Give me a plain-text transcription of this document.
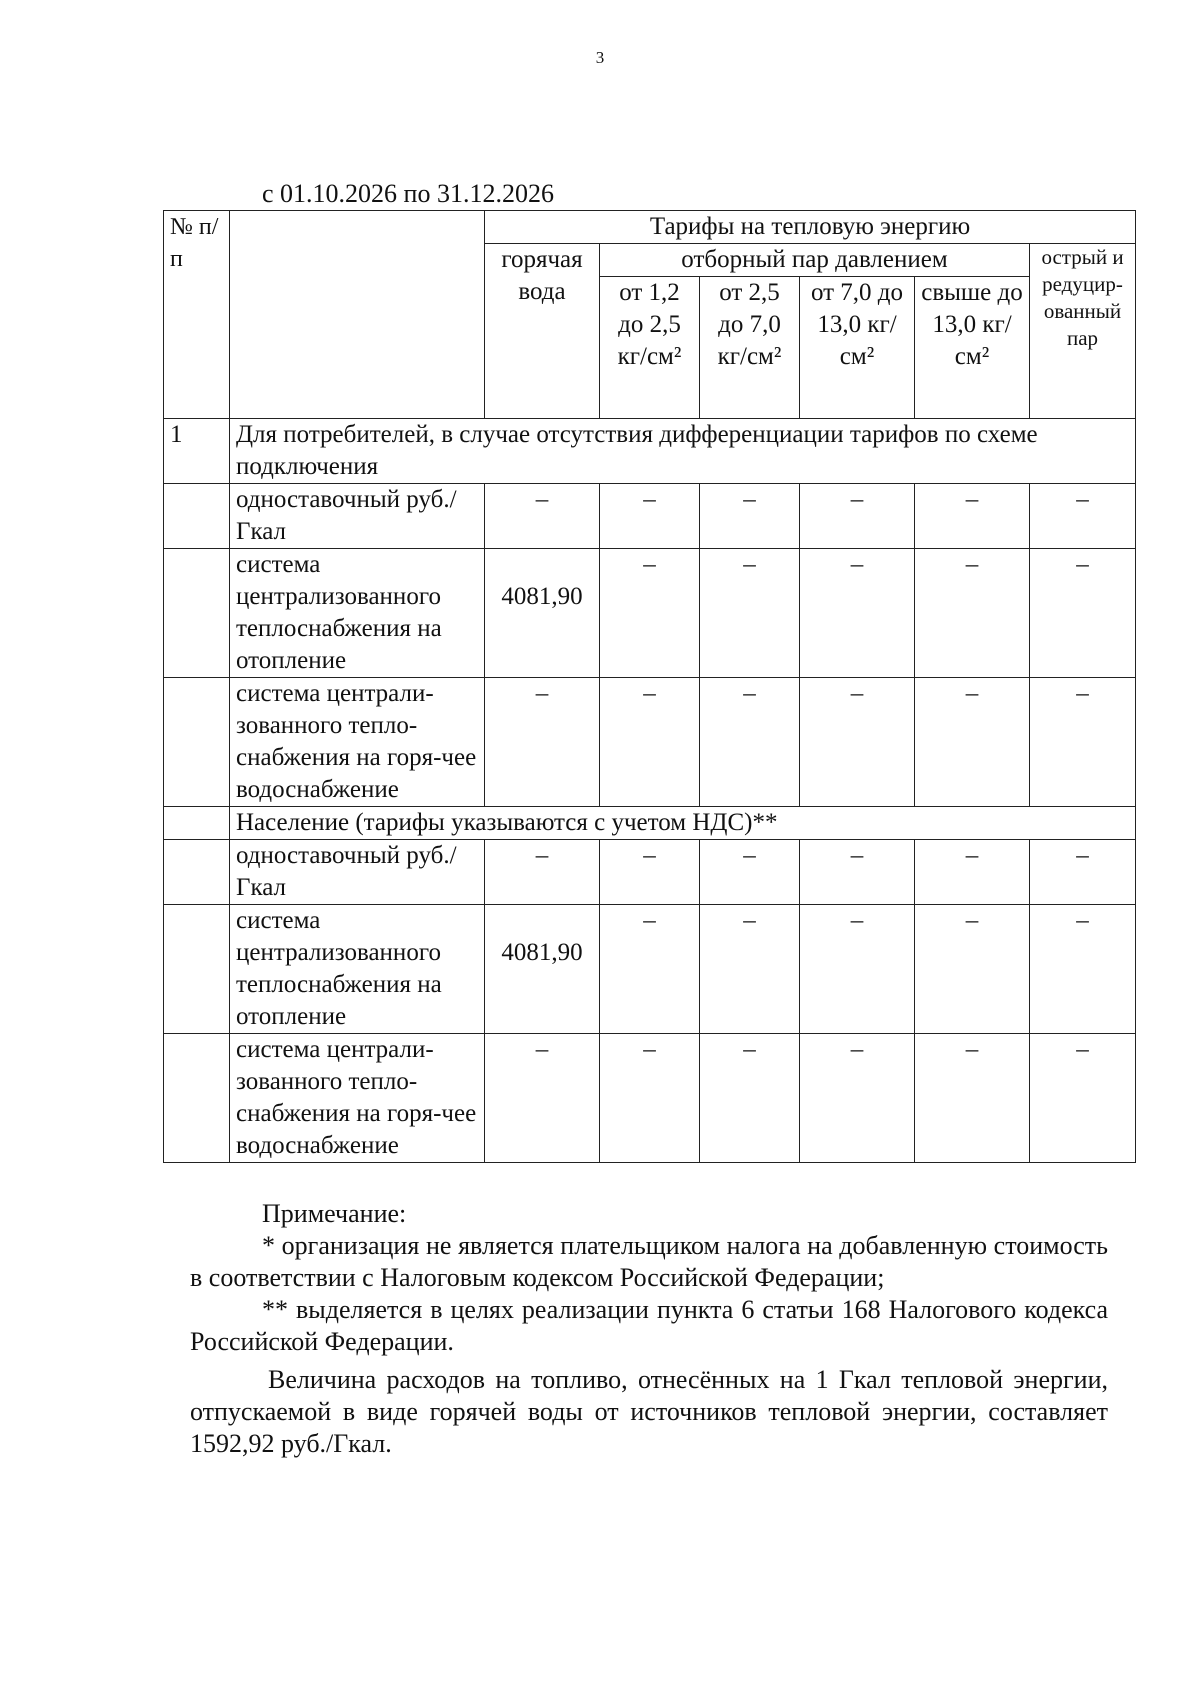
3
с 01.10.2026 по 31.12.2026
№ п/п		Тарифы на тепловую энергию					
		горячая вода	отборный пар давлением				острый и редуцир-ованный пар
			от 1,2 до 2,5 кг/см²	от 2,5 до 7,0 кг/см²	от 7,0 до 13,0 кг/см²	свыше до 13,0 кг/см²	
1	Для потребителей, в случае отсутствия дифференциации тарифов по схеме подключения						
	одноставочный руб./Гкал	–	–	–	–	–	–
	система централизованного теплоснабжения на отопление	4081,90	–	–	–	–	–
	система централи-зованного тепло-снабжения на горя-чее водоснабжение	–	–	–	–	–	–
	Население (тарифы указываются с учетом НДС)**						
	одноставочный руб./Гкал	–	–	–	–	–	–
	система централизованного теплоснабжения на отопление	4081,90	–	–	–	–	–
	система централи-зованного тепло-снабжения на горя-чее водоснабжение	–	–	–	–	–	–

Примечание:

* организация не является плательщиком налога на добавленную стоимость в соответствии с Налоговым кодексом Российской Федерации;

** выделяется в целях реализации пункта 6 статьи 168 Налогового кодекса Российской Федерации.

Величина расходов на топливо, отнесённых на 1 Гкал тепловой энергии, отпускаемой в виде горячей воды от источников тепловой энергии, составляет 1592,92 руб./Гкал.
